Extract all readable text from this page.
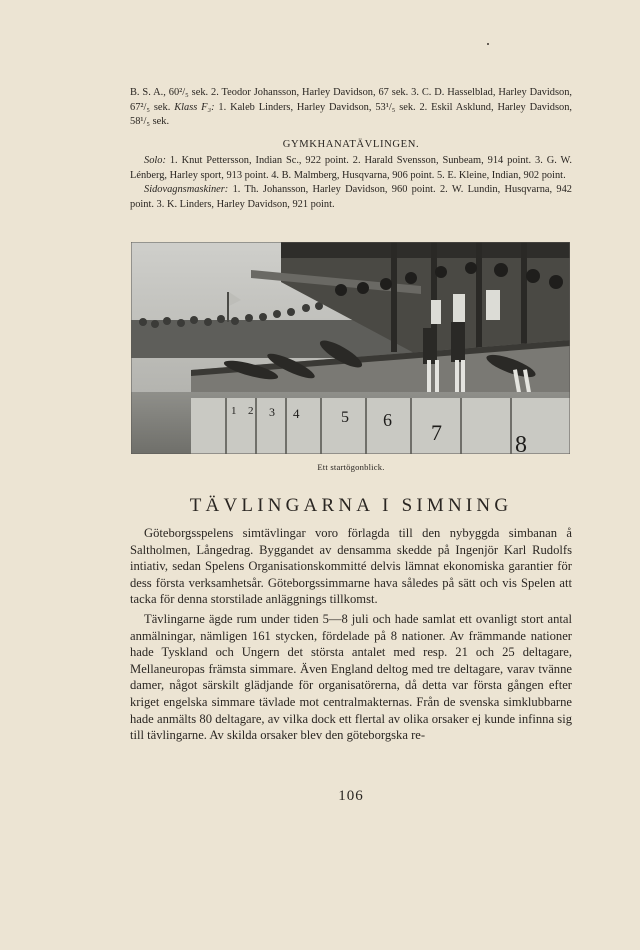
B. S. A., 60²/₅ sek. 2. Teodor Johansson, Harley Davidson, 67 sek. 3. C. D. Hasselblad, Harley Davidson, 67²/₅ sek. Klass F₃: 1. Kaleb Linders, Harley Davidson, 53¹/₅ sek. 2. Eskil Asklund, Harley Davidson, 58¹/₅ sek.

GYMKHANATÄVLINGEN.

Solo: 1. Knut Pettersson, Indian Sc., 922 point. 2. Harald Svensson, Sunbeam, 914 point. 3. G. W. Lénberg, Harley sport, 913 point. 4. B. Malmberg, Husqvarna, 906 point. 5. E. Kleine, Indian, 902 point.

Sidovagnsmaskiner: 1. Th. Johansson, Harley Davidson, 960 point. 2. W. Lundin, Husqvarna, 942 point. 3. K. Linders, Harley Davidson, 921 point.

1 2 3 4	5 6 7	8
Ett startögonblick.
TÄVLINGARNA I SIMNING

Göteborgsspelens simtävlingar voro förlagda till den nybyggda simbanan å Saltholmen, Långedrag. Byggandet av densamma skedde på Ingenjör Karl Rudolfs intiativ, sedan Spelens Organisationskommitté delvis lämnat ekonomiska garantier för dess första verksamhetsår. Göteborgssimmarne hava således på sätt och vis Spelen att tacka för denna storstilade anläggnings tillkomst.

Tävlingarne ägde rum under tiden 5—8 juli och hade samlat ett ovanligt stort antal anmälningar, nämligen 161 stycken, fördelade på 8 nationer. Av främmande nationer hade Tyskland och Ungern det största antalet med resp. 21 och 25 deltagare, Mellaneuropas främsta simmare. Även England deltog med tre deltagare, varav tvänne damer, något särskilt glädjande för organisatörerna, då detta var första gången efter kriget engelska simmare tävlade mot centralmakternas. Från de svenska simklubbarne hade anmälts 80 deltagare, av vilka dock ett flertal av olika orsaker ej kunde infinna sig till tävlingarne. Av skilda orsaker blev den göteborgska re-

106
